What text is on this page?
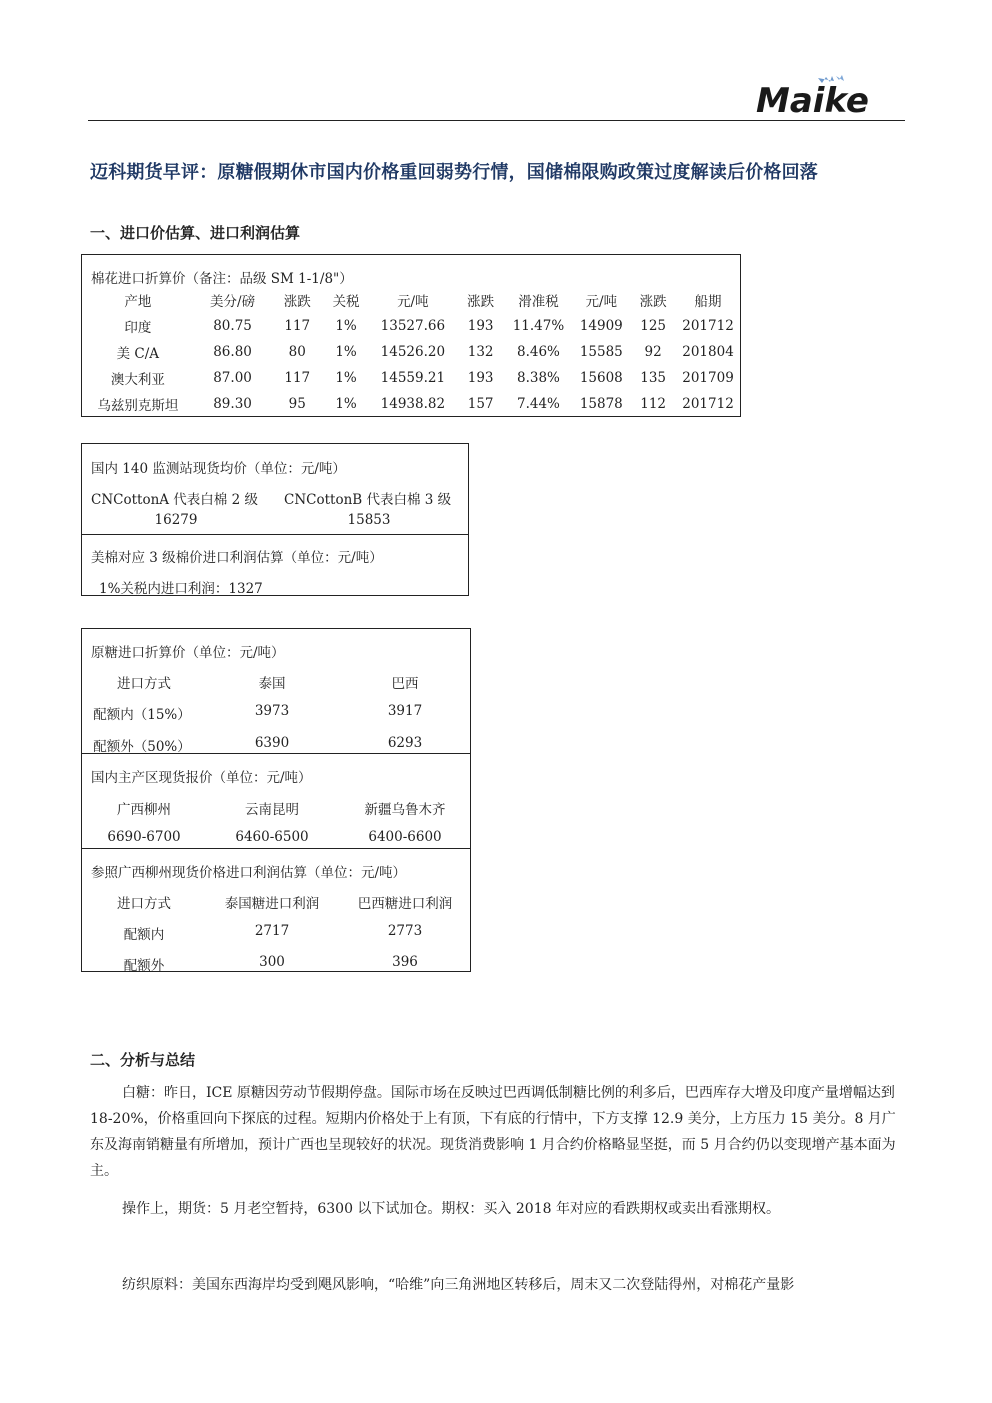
Maike
迈科期货早评：原糖假期休市国内价格重回弱势行情，国储棉限购政策过度解读后价格回落
一、进口价估算、进口利润估算
棉花进口折算价（备注：品级 SM 1-1/8"）
产地	美分/磅	涨跌	关税	元/吨	涨跌	滑准税	元/吨	涨跌	船期
印度	80.75	117	1%	13527.66	193	11.47%	14909	125	201712
美 C/A	86.80	80	1%	14526.20	132	8.46%	15585	92	201804
澳大利亚	87.00	117	1%	14559.21	193	8.38%	15608	135	201709
乌兹别克斯坦	89.30	95	1%	14938.82	157	7.44%	15878	112	201712
国内 140 监测站现货均价（单位：元/吨）
CNCottonA 代表白棉 2 级 CNCottonB 代表白棉 3 级
16279	15853
美棉对应 3 级棉价进口利润估算（单位：元/吨）
1%关税内进口利润：1327
原糖进口折算价（单位：元/吨）
进口方式	泰国	巴西
配额内（15%）	3973	3917
配额外（50%）	6390	6293
国内主产区现货报价（单位：元/吨）
广西柳州	云南昆明	新疆乌鲁木齐
6690-6700	6460-6500	6400-6600
参照广西柳州现货价格进口利润估算（单位：元/吨）
进口方式	泰国糖进口利润	巴西糖进口利润
配额内	2717	2773
配额外	300	396
二、分析与总结
白糖：昨日，ICE 原糖因劳动节假期停盘。国际市场在反映过巴西调低制糖比例的利多后，巴西库存大增及印度产量增幅达到 18-20%，价格重回向下探底的过程。短期内价格处于上有顶，下有底的行情中，下方支撑 12.9 美分，上方压力 15 美分。8 月广东及海南销糖量有所增加，预计广西也呈现较好的状况。现货消费影响 1 月合约价格略显坚挺，而 5 月合约仍以变现增产基本面为主。
操作上，期货：5 月老空暂持，6300 以下试加仓。期权：买入 2018 年对应的看跌期权或卖出看涨期权。
纺织原料：美国东西海岸均受到飓风影响，“哈维”向三角洲地区转移后，周末又二次登陆得州，对棉花产量影
